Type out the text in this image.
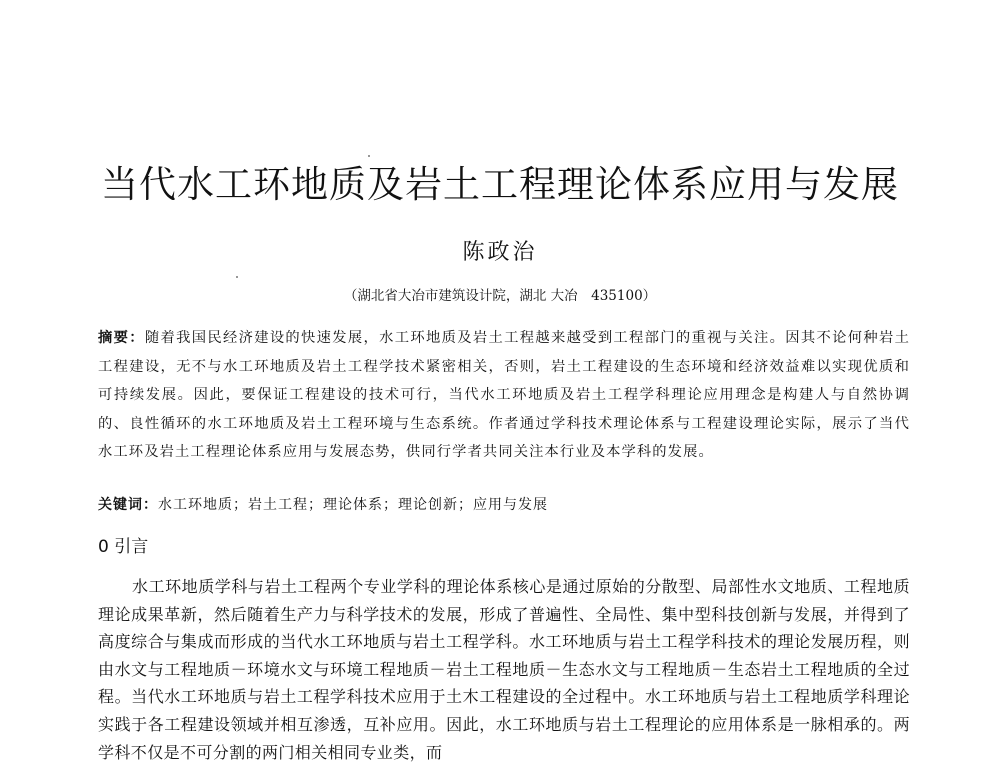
当代水工环地质及岩土工程理论体系应用与发展
陈政治
（湖北省大冶市建筑设计院，湖北 大冶　435100）
摘要：随着我国民经济建设的快速发展，水工环地质及岩土工程越来越受到工程部门的重视与关注。因其不论何种岩土工程建设，无不与水工环地质及岩土工程学技术紧密相关，否则，岩土工程建设的生态环境和经济效益难以实现优质和可持续发展。因此，要保证工程建设的技术可行，当代水工环地质及岩土工程学科理论应用理念是构建人与自然协调的、良性循环的水工环地质及岩土工程环境与生态系统。作者通过学科技术理论体系与工程建设理论实际，展示了当代水工环及岩土工程理论体系应用与发展态势，供同行学者共同关注本行业及本学科的发展。
关键词：水工环地质；岩土工程；理论体系；理论创新；应用与发展
0 引言

水工环地质学科与岩土工程两个专业学科的理论体系核心是通过原始的分散型、局部性水文地质、工程地质理论成果革新，然后随着生产力与科学技术的发展，形成了普遍性、全局性、集中型科技创新与发展，并得到了高度综合与集成而形成的当代水工环地质与岩土工程学科。水工环地质与岩土工程学科技术的理论发展历程，则由水文与工程地质－环境水文与环境工程地质－岩土工程地质－生态水文与工程地质－生态岩土工程地质的全过程。当代水工环地质与岩土工程学科技术应用于土木工程建设的全过程中。水工环地质与岩土工程地质学科理论实践于各工程建设领域并相互渗透，互补应用。因此，水工环地质与岩土工程理论的应用体系是一脉相承的。两学科不仅是不可分割的两门相关相同专业类，而
